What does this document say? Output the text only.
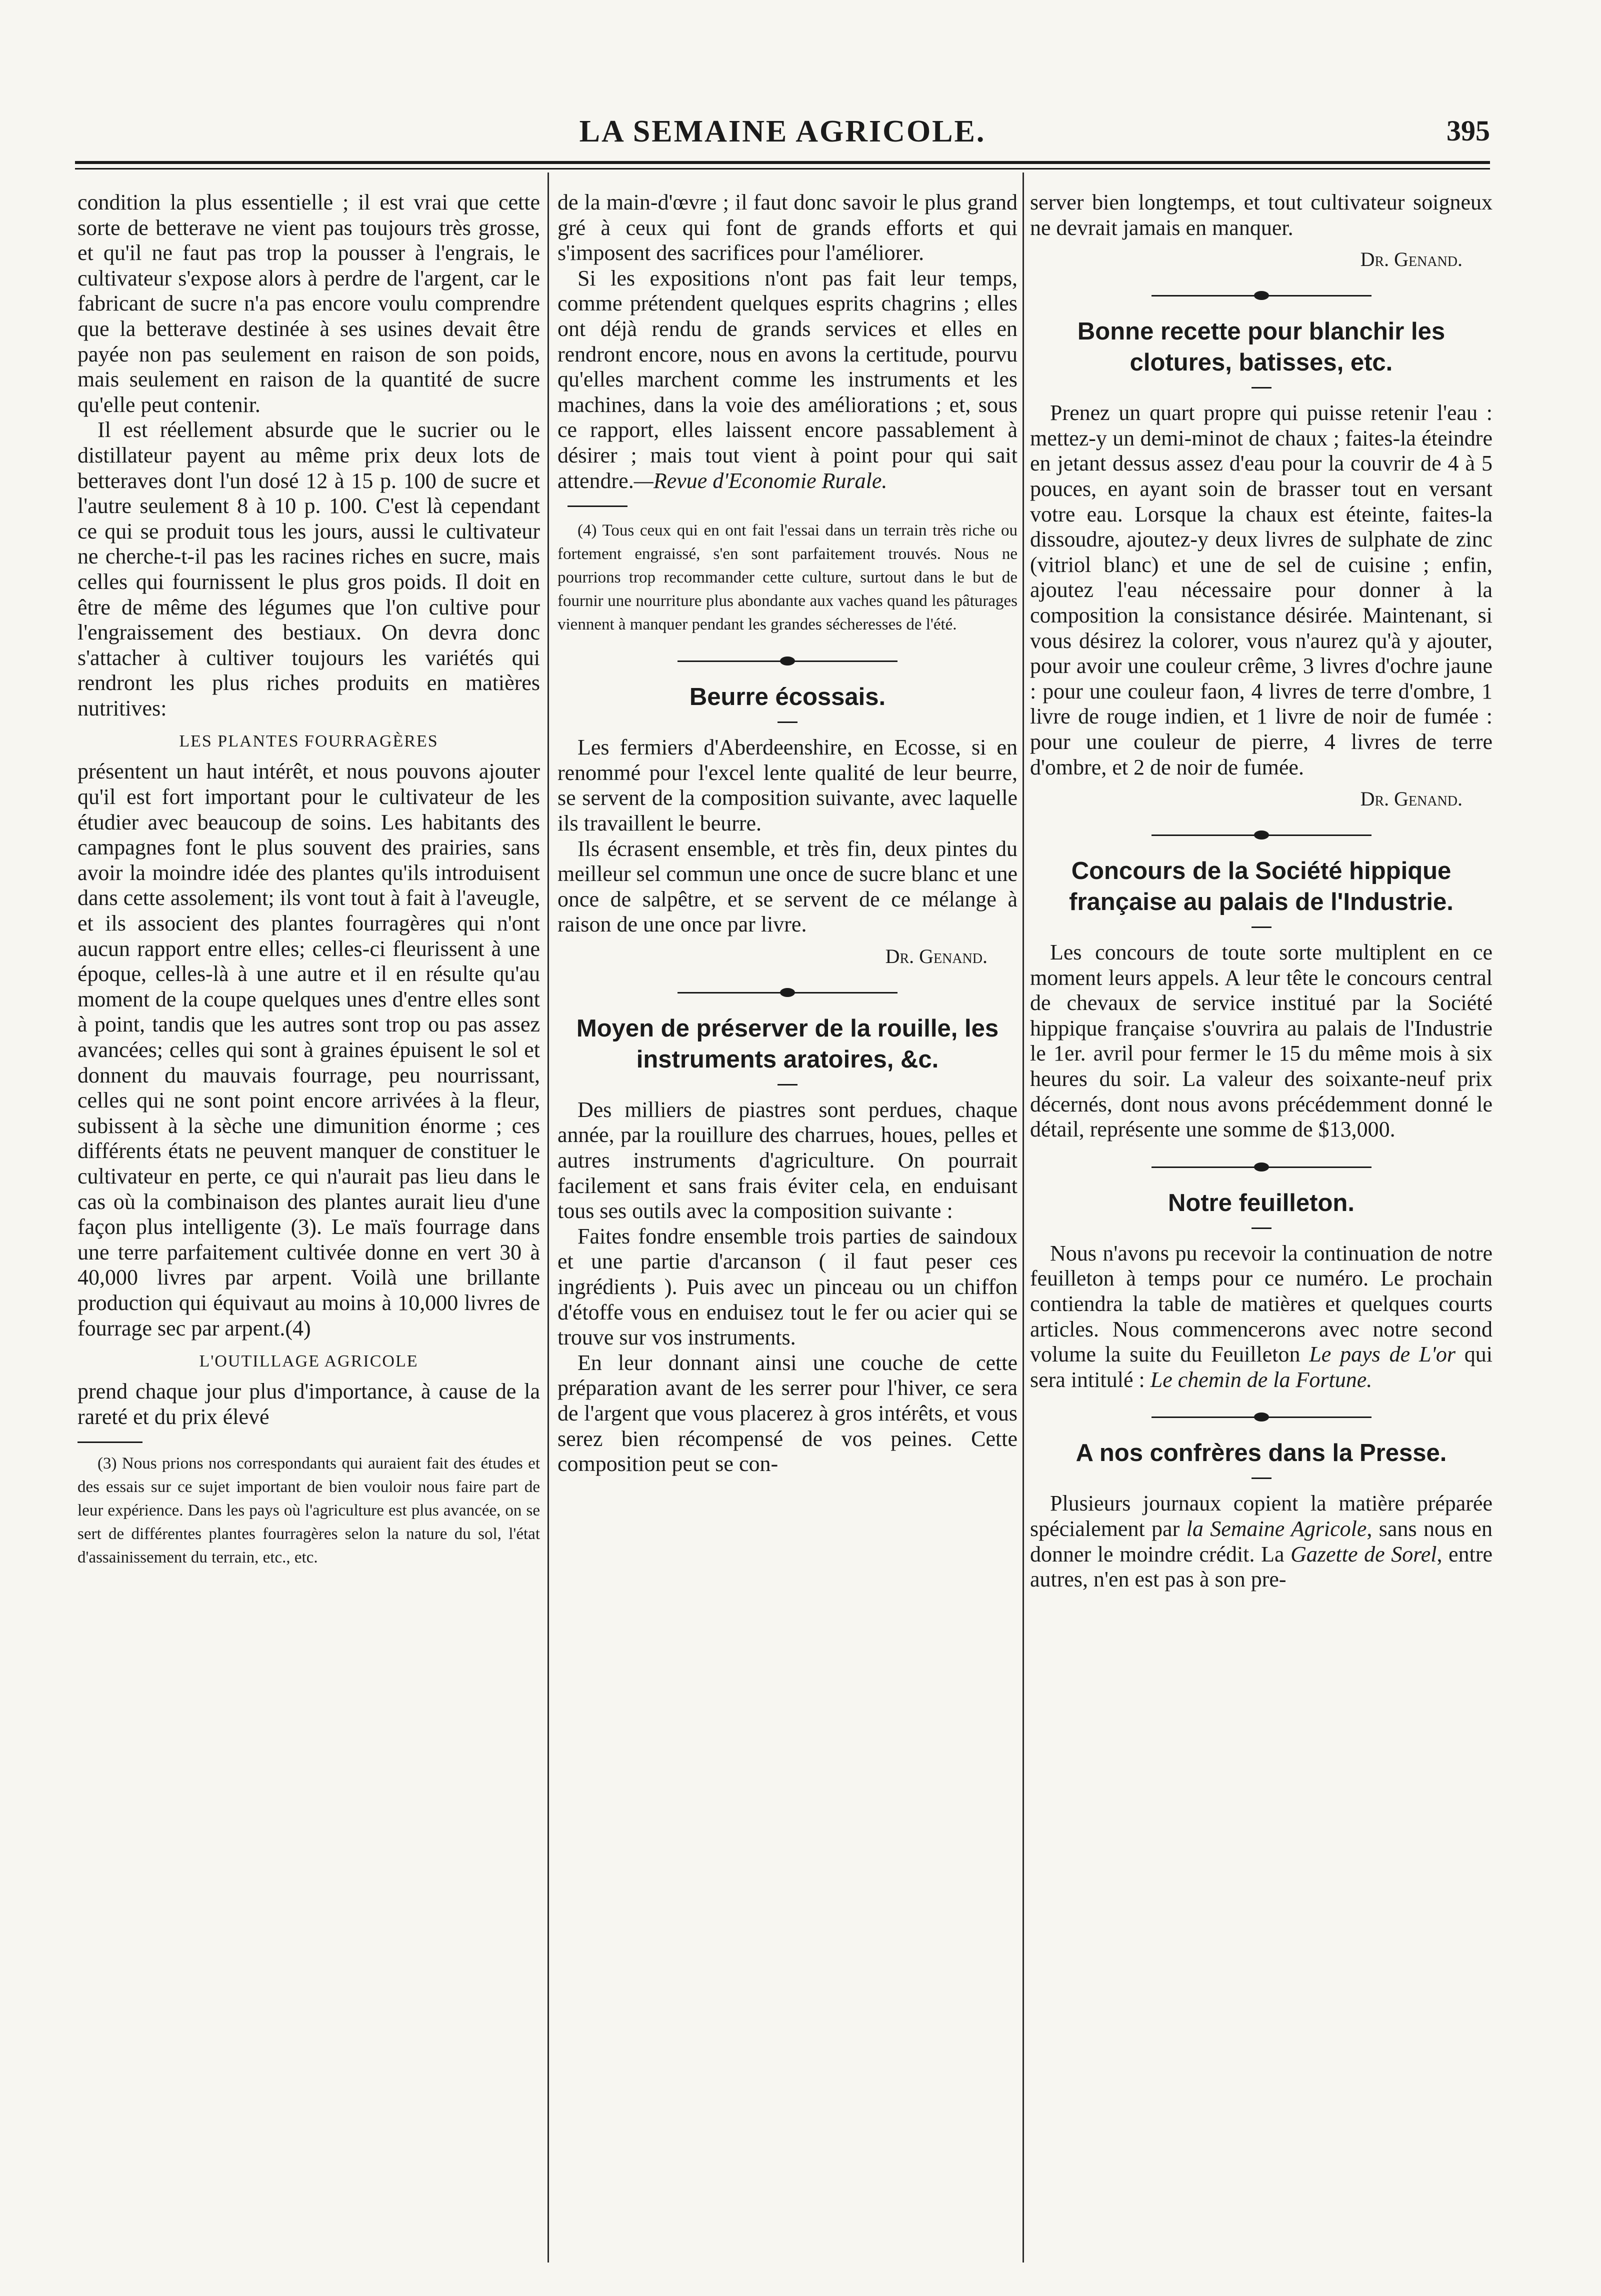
LA SEMAINE AGRICOLE.	395

condition la plus essentielle ; il est vrai que cette sorte de betterave ne vient pas toujours très grosse, et qu'il ne faut pas trop la pousser à l'engrais, le cultivateur s'expose alors à perdre de l'argent, car le fabricant de sucre n'a pas encore voulu comprendre que la betterave destinée à ses usines devait être payée non pas seulement en raison de son poids, mais seulement en raison de la quantité de sucre qu'elle peut contenir.

Il est réellement absurde que le sucrier ou le distillateur payent au même prix deux lots de betteraves dont l'un dosé 12 à 15 p. 100 de sucre et l'autre seulement 8 à 10 p. 100. C'est là cependant ce qui se produit tous les jours, aussi le cultivateur ne cherche-t-il pas les racines riches en sucre, mais celles qui fournissent le plus gros poids. Il doit en être de même des légumes que l'on cultive pour l'engraissement des bestiaux. On devra donc s'attacher à cultiver toujours les variétés qui rendront les plus riches produits en matières nutritives:

LES PLANTES FOURRAGÈRES

présentent un haut intérêt, et nous pouvons ajouter qu'il est fort important pour le cultivateur de les étudier avec beaucoup de soins. Les habitants des campagnes font le plus souvent des prairies, sans avoir la moindre idée des plantes qu'ils introduisent dans cette assolement; ils vont tout à fait à l'aveugle, et ils associent des plantes fourragères qui n'ont aucun rapport entre elles; celles-ci fleurissent à une époque, celles-là à une autre et il en résulte qu'au moment de la coupe quelques unes d'entre elles sont à point, tandis que les autres sont trop ou pas assez avancées; celles qui sont à graines épuisent le sol et donnent du mauvais fourrage, peu nourrissant, celles qui ne sont point encore arrivées à la fleur, subissent à la sèche une dimunition énorme ; ces différents états ne peuvent manquer de constituer le cultivateur en perte, ce qui n'aurait pas lieu dans le cas où la combinaison des plantes aurait lieu d'une façon plus intelligente (3). Le maïs fourrage dans une terre parfaitement cultivée donne en vert 30 à 40,000 livres par arpent. Voilà une brillante production qui équivaut au moins à 10,000 livres de fourrage sec par arpent.(4)

L'OUTILLAGE AGRICOLE

prend chaque jour plus d'importance, à cause de la rareté et du prix élevé

(3) Nous prions nos correspondants qui auraient fait des études et des essais sur ce sujet important de bien vouloir nous faire part de leur expérience. Dans les pays où l'agriculture est plus avancée, on se sert de différentes plantes fourragères selon la nature du sol, l'état d'assainissement du terrain, etc., etc.

de la main-d'œvre ; il faut donc savoir le plus grand gré à ceux qui font de grands efforts et qui s'imposent des sacrifices pour l'améliorer.

Si les expositions n'ont pas fait leur temps, comme prétendent quelques esprits chagrins ; elles ont déjà rendu de grands services et elles en rendront encore, nous en avons la certitude, pourvu qu'elles marchent comme les instruments et les machines, dans la voie des améliorations ; et, sous ce rapport, elles laissent encore passablement à désirer ; mais tout vient à point pour qui sait attendre.—Revue d'Economie Rurale.

(4) Tous ceux qui en ont fait l'essai dans un terrain très riche ou fortement engraissé, s'en sont parfaitement trouvés. Nous ne pourrions trop recommander cette culture, surtout dans le but de fournir une nourriture plus abondante aux vaches quand les pâturages viennent à manquer pendant les grandes sécheresses de l'été.

Beurre écossais.

Les fermiers d'Aberdeenshire, en Ecosse, si en renommé pour l'excel lente qualité de leur beurre, se servent de la composition suivante, avec laquelle ils travaillent le beurre.

Ils écrasent ensemble, et très fin, deux pintes du meilleur sel commun une once de sucre blanc et une once de salpêtre, et se servent de ce mélange à raison de une once par livre.

Dr. Genand.
Moyen de préserver de la rouille, les instruments aratoires, &c.

Des milliers de piastres sont perdues, chaque année, par la rouillure des charrues, houes, pelles et autres instruments d'agriculture. On pourrait facilement et sans frais éviter cela, en enduisant tous ses outils avec la composition suivante :

Faites fondre ensemble trois parties de saindoux et une partie d'arcanson ( il faut peser ces ingrédients ). Puis avec un pinceau ou un chiffon d'étoffe vous en enduisez tout le fer ou acier qui se trouve sur vos instruments.

En leur donnant ainsi une couche de cette préparation avant de les serrer pour l'hiver, ce sera de l'argent que vous placerez à gros intérêts, et vous serez bien récompensé de vos peines. Cette composition peut se con-

server bien longtemps, et tout cultivateur soigneux ne devrait jamais en manquer.

Dr. Genand.
Bonne recette pour blanchir les clotures, batisses, etc.

Prenez un quart propre qui puisse retenir l'eau : mettez-y un demi-minot de chaux ; faites-la éteindre en jetant dessus assez d'eau pour la couvrir de 4 à 5 pouces, en ayant soin de brasser tout en versant votre eau. Lorsque la chaux est éteinte, faites-la dissoudre, ajoutez-y deux livres de sulphate de zinc (vitriol blanc) et une de sel de cuisine ; enfin, ajoutez l'eau nécessaire pour donner à la composition la consistance désirée. Maintenant, si vous désirez la colorer, vous n'aurez qu'à y ajouter, pour avoir une couleur crême, 3 livres d'ochre jaune : pour une couleur faon, 4 livres de terre d'ombre, 1 livre de rouge indien, et 1 livre de noir de fumée : pour une couleur de pierre, 4 livres de terre d'ombre, et 2 de noir de fumée.

Dr. Genand.
Concours de la Société hippique française au palais de l'Industrie.

Les concours de toute sorte multiplent en ce moment leurs appels. A leur tête le concours central de chevaux de service institué par la Société hippique française s'ouvrira au palais de l'Industrie le 1er. avril pour fermer le 15 du même mois à six heures du soir. La valeur des soixante-neuf prix décernés, dont nous avons précédemment donné le détail, représente une somme de $13,000.

Notre feuilleton.

Nous n'avons pu recevoir la continuation de notre feuilleton à temps pour ce numéro. Le prochain contiendra la table de matières et quelques courts articles. Nous commencerons avec notre second volume la suite du Feuilleton Le pays de L'or qui sera intitulé : Le chemin de la Fortune.

A nos confrères dans la Presse.

Plusieurs journaux copient la matière préparée spécialement par la Semaine Agricole, sans nous en donner le moindre crédit. La Gazette de Sorel, entre autres, n'en est pas à son pre-
